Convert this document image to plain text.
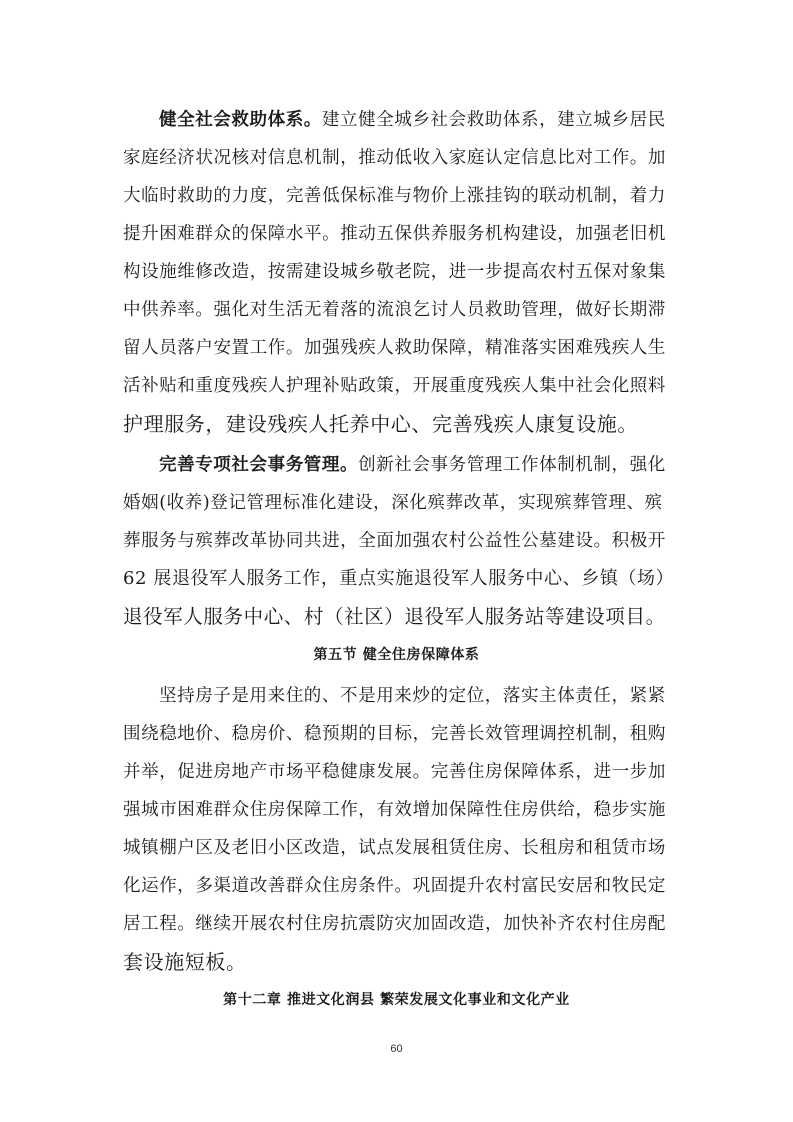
健全社会救助体系。建立健全城乡社会救助体系，建立城乡居民
家庭经济状况核对信息机制，推动低收入家庭认定信息比对工作。加
大临时救助的力度，完善低保标准与物价上涨挂钩的联动机制，着力
提升困难群众的保障水平。推动五保供养服务机构建设，加强老旧机
构设施维修改造，按需建设城乡敬老院，进一步提高农村五保对象集
中供养率。强化对生活无着落的流浪乞讨人员救助管理，做好长期滞
留人员落户安置工作。加强残疾人救助保障，精准落实困难残疾人生
活补贴和重度残疾人护理补贴政策，开展重度残疾人集中社会化照料
护理服务，建设残疾人托养中心、完善残疾人康复设施。
完善专项社会事务管理。创新社会事务管理工作体制机制，强化
婚姻(收养)登记管理标准化建设，深化殡葬改革，实现殡葬管理、殡
葬服务与殡葬改革协同共进，全面加强农村公益性公墓建设。积极开
62 展退役军人服务工作，重点实施退役军人服务中心、乡镇（场）
退役军人服务中心、村（社区）退役军人服务站等建设项目。
第五节 健全住房保障体系
坚持房子是用来住的、不是用来炒的定位，落实主体责任，紧紧
围绕稳地价、稳房价、稳预期的目标，完善长效管理调控机制，租购
并举，促进房地产市场平稳健康发展。完善住房保障体系，进一步加
强城市困难群众住房保障工作，有效增加保障性住房供给，稳步实施
城镇棚户区及老旧小区改造，试点发展租赁住房、长租房和租赁市场
化运作，多渠道改善群众住房条件。巩固提升农村富民安居和牧民定
居工程。继续开展农村住房抗震防灾加固改造，加快补齐农村住房配
套设施短板。
第十二章 推进文化润县 繁荣发展文化事业和文化产业
60
